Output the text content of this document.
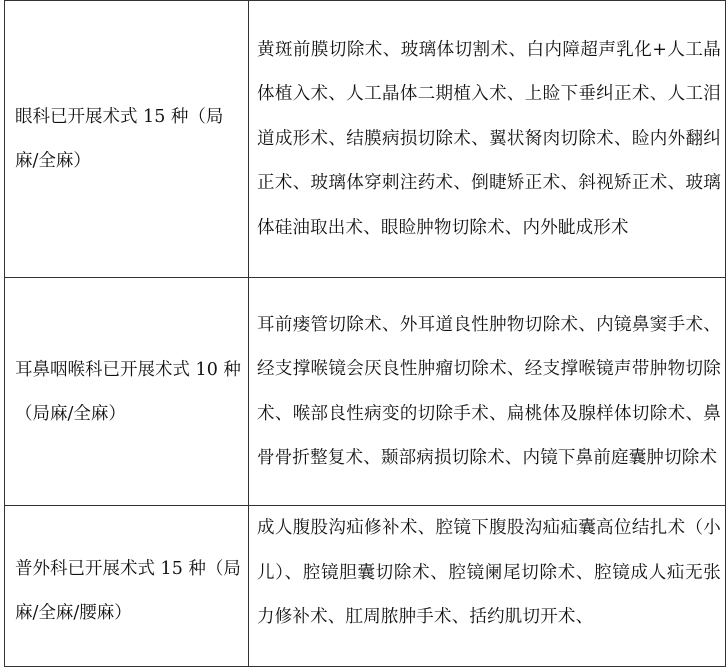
眼科已开展术式 15 种（局麻/全麻）	黄斑前膜切除术、玻璃体切割术、白内障超声乳化+人工晶体植入术、人工晶体二期植入术、上睑下垂纠正术、人工泪道成形术、结膜病损切除术、翼状胬肉切除术、睑内外翻纠正术、玻璃体穿刺注药术、倒睫矫正术、斜视矫正术、玻璃体硅油取出术、眼睑肿物切除术、内外眦成形术

耳鼻咽喉科已开展术式 10 种（局麻/全麻）	耳前瘘管切除术、外耳道良性肿物切除术、内镜鼻窦手术、经支撑喉镜会厌良性肿瘤切除术、经支撑喉镜声带肿物切除术、喉部良性病变的切除手术、扁桃体及腺样体切除术、鼻骨骨折整复术、颞部病损切除术、内镜下鼻前庭囊肿切除术

普外科已开展术式 15 种（局麻/全麻/腰麻）	成人腹股沟疝修补术、腔镜下腹股沟疝疝囊高位结扎术（小儿）、腔镜胆囊切除术、腔镜阑尾切除术、腔镜成人疝无张力修补术、肛周脓肿手术、括约肌切开术、
